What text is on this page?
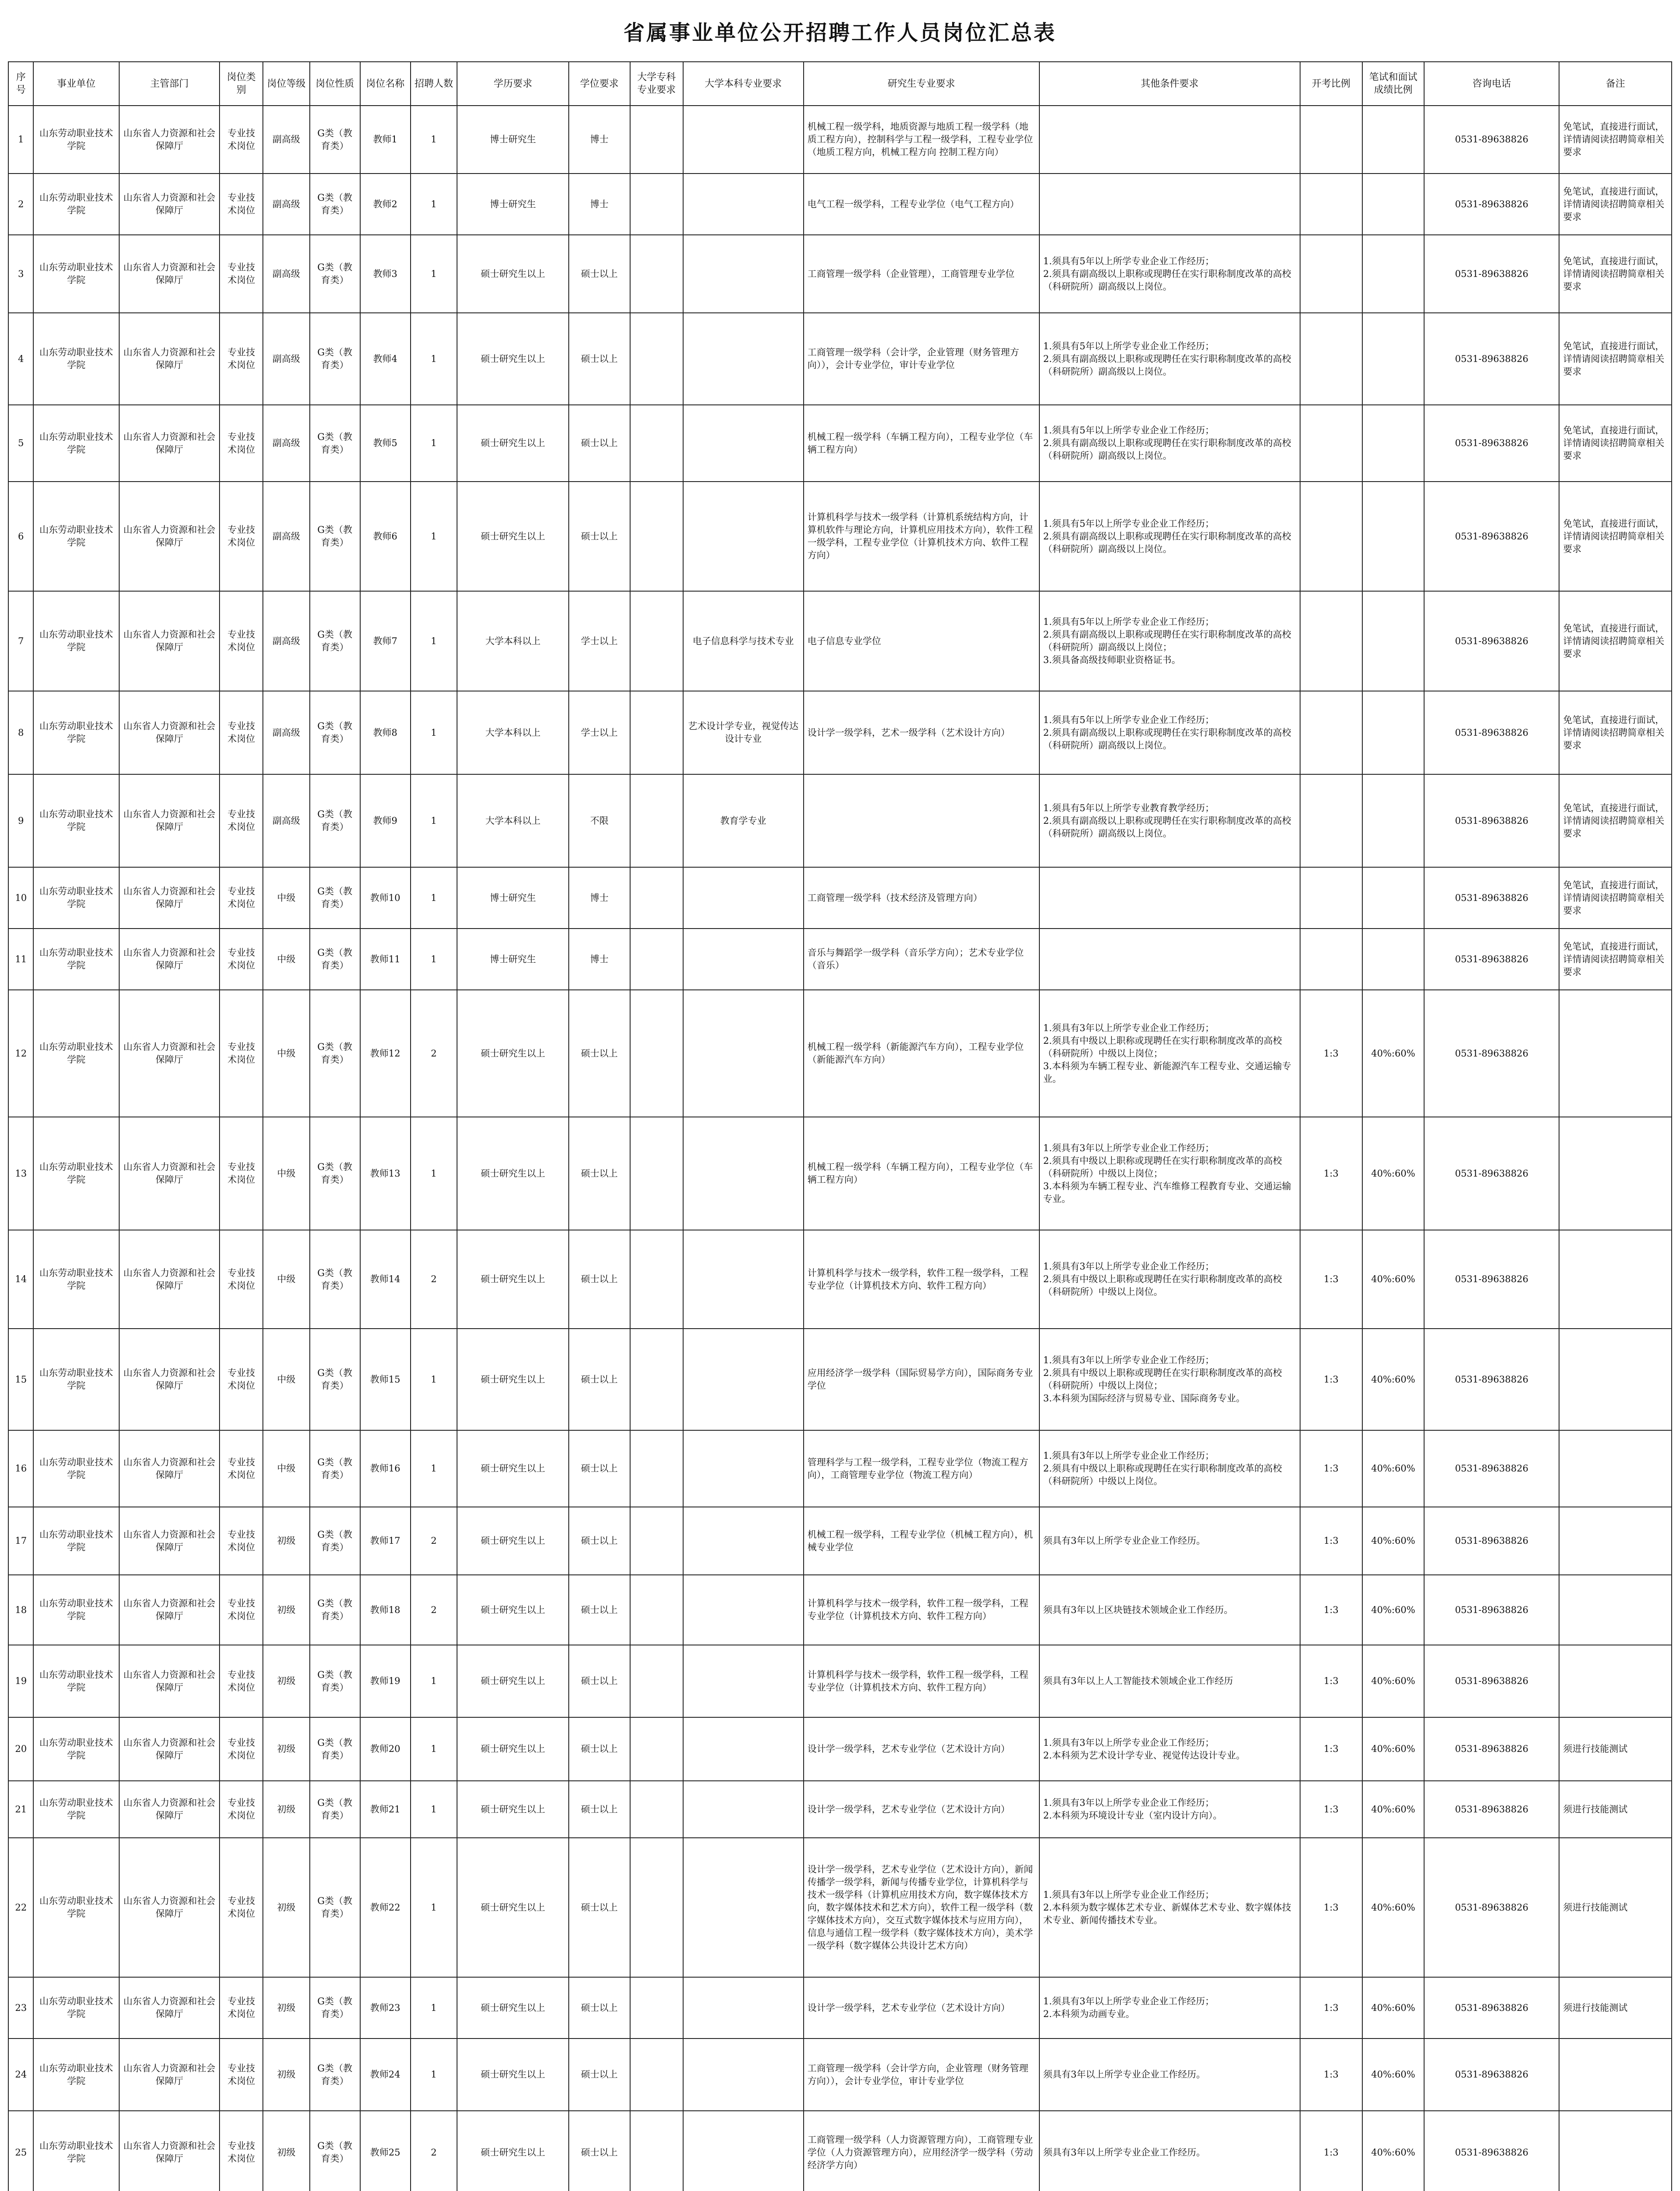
省属事业单位公开招聘工作人员岗位汇总表
序号	事业单位	主管部门	岗位类别	岗位等级	岗位性质	岗位名称	招聘人数	学历要求	学位要求	大学专科专业要求	大学本科专业要求	研究生专业要求	其他条件要求	开考比例	笔试和面试成绩比例	咨询电话	备注
1	山东劳动职业技术学院	山东省人力资源和社会保障厅	专业技术岗位	副高级	G类（教育类）	教师1	1	博士研究生	博士			机械工程一级学科，地质资源与地质工程一级学科（地质工程方向），控制科学与工程一级学科，工程专业学位（地质工程方向，机械工程方向 控制工程方向）				0531-89638826	免笔试，直接进行面试，详情请阅读招聘简章相关要求
2	山东劳动职业技术学院	山东省人力资源和社会保障厅	专业技术岗位	副高级	G类（教育类）	教师2	1	博士研究生	博士			电气工程一级学科，工程专业学位（电气工程方向）				0531-89638826	免笔试，直接进行面试，详情请阅读招聘简章相关要求
3	山东劳动职业技术学院	山东省人力资源和社会保障厅	专业技术岗位	副高级	G类（教育类）	教师3	1	硕士研究生以上	硕士以上			工商管理一级学科（企业管理），工商管理专业学位	1.须具有5年以上所学专业企业工作经历；
2.须具有副高级以上职称或现聘任在实行职称制度改革的高校（科研院所）副高级以上岗位。			0531-89638826	免笔试，直接进行面试，详情请阅读招聘简章相关要求
4	山东劳动职业技术学院	山东省人力资源和社会保障厅	专业技术岗位	副高级	G类（教育类）	教师4	1	硕士研究生以上	硕士以上			工商管理一级学科（会计学，企业管理（财务管理方向）），会计专业学位，审计专业学位	1.须具有5年以上所学专业企业工作经历；
2.须具有副高级以上职称或现聘任在实行职称制度改革的高校（科研院所）副高级以上岗位。			0531-89638826	免笔试，直接进行面试，详情请阅读招聘简章相关要求
5	山东劳动职业技术学院	山东省人力资源和社会保障厅	专业技术岗位	副高级	G类（教育类）	教师5	1	硕士研究生以上	硕士以上			机械工程一级学科（车辆工程方向），工程专业学位（车辆工程方向）	1.须具有5年以上所学专业企业工作经历；
2.须具有副高级以上职称或现聘任在实行职称制度改革的高校（科研院所）副高级以上岗位。			0531-89638826	免笔试，直接进行面试，详情请阅读招聘简章相关要求
6	山东劳动职业技术学院	山东省人力资源和社会保障厅	专业技术岗位	副高级	G类（教育类）	教师6	1	硕士研究生以上	硕士以上			计算机科学与技术一级学科（计算机系统结构方向，计算机软件与理论方向，计算机应用技术方向），软件工程一级学科，工程专业学位（计算机技术方向、软件工程方向）	1.须具有5年以上所学专业企业工作经历；
2.须具有副高级以上职称或现聘任在实行职称制度改革的高校（科研院所）副高级以上岗位。			0531-89638826	免笔试，直接进行面试，详情请阅读招聘简章相关要求
7	山东劳动职业技术学院	山东省人力资源和社会保障厅	专业技术岗位	副高级	G类（教育类）	教师7	1	大学本科以上	学士以上		电子信息科学与技术专业	电子信息专业学位	1.须具有5年以上所学专业企业工作经历；
2.须具有副高级以上职称或现聘任在实行职称制度改革的高校（科研院所）副高级以上岗位；
3.须具备高级技师职业资格证书。			0531-89638826	免笔试，直接进行面试，详情请阅读招聘简章相关要求
8	山东劳动职业技术学院	山东省人力资源和社会保障厅	专业技术岗位	副高级	G类（教育类）	教师8	1	大学本科以上	学士以上		艺术设计学专业，视觉传达设计专业	设计学一级学科，艺术一级学科（艺术设计方向）	1.须具有5年以上所学专业企业工作经历；
2.须具有副高级以上职称或现聘任在实行职称制度改革的高校（科研院所）副高级以上岗位。			0531-89638826	免笔试，直接进行面试，详情请阅读招聘简章相关要求
9	山东劳动职业技术学院	山东省人力资源和社会保障厅	专业技术岗位	副高级	G类（教育类）	教师9	1	大学本科以上	不限		教育学专业		1.须具有5年以上所学专业教育教学经历；
2.须具有副高级以上职称或现聘任在实行职称制度改革的高校（科研院所）副高级以上岗位。			0531-89638826	免笔试，直接进行面试，详情请阅读招聘简章相关要求
10	山东劳动职业技术学院	山东省人力资源和社会保障厅	专业技术岗位	中级	G类（教育类）	教师10	1	博士研究生	博士			工商管理一级学科（技术经济及管理方向）				0531-89638826	免笔试，直接进行面试，详情请阅读招聘简章相关要求
11	山东劳动职业技术学院	山东省人力资源和社会保障厅	专业技术岗位	中级	G类（教育类）	教师11	1	博士研究生	博士			音乐与舞蹈学一级学科（音乐学方向）；艺术专业学位（音乐）				0531-89638826	免笔试，直接进行面试，详情请阅读招聘简章相关要求
12	山东劳动职业技术学院	山东省人力资源和社会保障厅	专业技术岗位	中级	G类（教育类）	教师12	2	硕士研究生以上	硕士以上			机械工程一级学科（新能源汽车方向），工程专业学位（新能源汽车方向）	1.须具有3年以上所学专业企业工作经历；
2.须具有中级以上职称或现聘任在实行职称制度改革的高校（科研院所）中级以上岗位；
3.本科须为车辆工程专业、新能源汽车工程专业、交通运输专业。	1:3	40%:60%	0531-89638826	
13	山东劳动职业技术学院	山东省人力资源和社会保障厅	专业技术岗位	中级	G类（教育类）	教师13	1	硕士研究生以上	硕士以上			机械工程一级学科（车辆工程方向），工程专业学位（车辆工程方向）	1.须具有3年以上所学专业企业工作经历；
2.须具有中级以上职称或现聘任在实行职称制度改革的高校（科研院所）中级以上岗位；
3.本科须为车辆工程专业、汽车维修工程教育专业、交通运输专业。	1:3	40%:60%	0531-89638826	
14	山东劳动职业技术学院	山东省人力资源和社会保障厅	专业技术岗位	中级	G类（教育类）	教师14	2	硕士研究生以上	硕士以上			计算机科学与技术一级学科，软件工程一级学科，工程专业学位（计算机技术方向、软件工程方向）	1.须具有3年以上所学专业企业工作经历；
2.须具有中级以上职称或现聘任在实行职称制度改革的高校（科研院所）中级以上岗位。	1:3	40%:60%	0531-89638826	
15	山东劳动职业技术学院	山东省人力资源和社会保障厅	专业技术岗位	中级	G类（教育类）	教师15	1	硕士研究生以上	硕士以上			应用经济学一级学科（国际贸易学方向），国际商务专业学位	1.须具有3年以上所学专业企业工作经历；
2.须具有中级以上职称或现聘任在实行职称制度改革的高校（科研院所）中级以上岗位；
3.本科须为国际经济与贸易专业、国际商务专业。	1:3	40%:60%	0531-89638826	
16	山东劳动职业技术学院	山东省人力资源和社会保障厅	专业技术岗位	中级	G类（教育类）	教师16	1	硕士研究生以上	硕士以上			管理科学与工程一级学科，工程专业学位（物流工程方向），工商管理专业学位（物流工程方向）	1.须具有3年以上所学专业企业工作经历；
2.须具有中级以上职称或现聘任在实行职称制度改革的高校（科研院所）中级以上岗位。	1:3	40%:60%	0531-89638826	
17	山东劳动职业技术学院	山东省人力资源和社会保障厅	专业技术岗位	初级	G类（教育类）	教师17	2	硕士研究生以上	硕士以上			机械工程一级学科，工程专业学位（机械工程方向），机械专业学位	须具有3年以上所学专业企业工作经历。	1:3	40%:60%	0531-89638826	
18	山东劳动职业技术学院	山东省人力资源和社会保障厅	专业技术岗位	初级	G类（教育类）	教师18	2	硕士研究生以上	硕士以上			计算机科学与技术一级学科，软件工程一级学科，工程专业学位（计算机技术方向、软件工程方向）	须具有3年以上区块链技术领域企业工作经历。	1:3	40%:60%	0531-89638826	
19	山东劳动职业技术学院	山东省人力资源和社会保障厅	专业技术岗位	初级	G类（教育类）	教师19	1	硕士研究生以上	硕士以上			计算机科学与技术一级学科，软件工程一级学科，工程专业学位（计算机技术方向、软件工程方向）	须具有3年以上人工智能技术领域企业工作经历	1:3	40%:60%	0531-89638826	
20	山东劳动职业技术学院	山东省人力资源和社会保障厅	专业技术岗位	初级	G类（教育类）	教师20	1	硕士研究生以上	硕士以上			设计学一级学科，艺术专业学位（艺术设计方向）	1.须具有3年以上所学专业企业工作经历；
2.本科须为艺术设计学专业、视觉传达设计专业。	1:3	40%:60%	0531-89638826	须进行技能测试
21	山东劳动职业技术学院	山东省人力资源和社会保障厅	专业技术岗位	初级	G类（教育类）	教师21	1	硕士研究生以上	硕士以上			设计学一级学科，艺术专业学位（艺术设计方向）	1.须具有3年以上所学专业企业工作经历；
2.本科须为环境设计专业（室内设计方向）。	1:3	40%:60%	0531-89638826	须进行技能测试
22	山东劳动职业技术学院	山东省人力资源和社会保障厅	专业技术岗位	初级	G类（教育类）	教师22	1	硕士研究生以上	硕士以上			设计学一级学科，艺术专业学位（艺术设计方向），新闻传播学一级学科，新闻与传播专业学位，计算机科学与技术一级学科（计算机应用技术方向，数字媒体技术方向，数字媒体技术和艺术方向），软件工程一级学科（数字媒体技术方向），交互式数字媒体技术与应用方向），信息与通信工程一级学科（数字媒体技术方向），美术学一级学科（数字媒体公共设计艺术方向）	1.须具有3年以上所学专业企业工作经历；
2.本科须为数字媒体艺术专业、新媒体艺术专业、数字媒体技术专业、新闻传播技术专业。	1:3	40%:60%	0531-89638826	须进行技能测试
23	山东劳动职业技术学院	山东省人力资源和社会保障厅	专业技术岗位	初级	G类（教育类）	教师23	1	硕士研究生以上	硕士以上			设计学一级学科，艺术专业学位（艺术设计方向）	1.须具有3年以上所学专业企业工作经历；
2.本科须为动画专业。	1:3	40%:60%	0531-89638826	须进行技能测试
24	山东劳动职业技术学院	山东省人力资源和社会保障厅	专业技术岗位	初级	G类（教育类）	教师24	1	硕士研究生以上	硕士以上			工商管理一级学科（会计学方向，企业管理（财务管理方向）），会计专业学位，审计专业学位	须具有3年以上所学专业企业工作经历。	1:3	40%:60%	0531-89638826	
25	山东劳动职业技术学院	山东省人力资源和社会保障厅	专业技术岗位	初级	G类（教育类）	教师25	2	硕士研究生以上	硕士以上			工商管理一级学科（人力资源管理方向），工商管理专业学位（人力资源管理方向），应用经济学一级学科（劳动经济学方向）	须具有3年以上所学专业企业工作经历。	1:3	40%:60%	0531-89638826	
